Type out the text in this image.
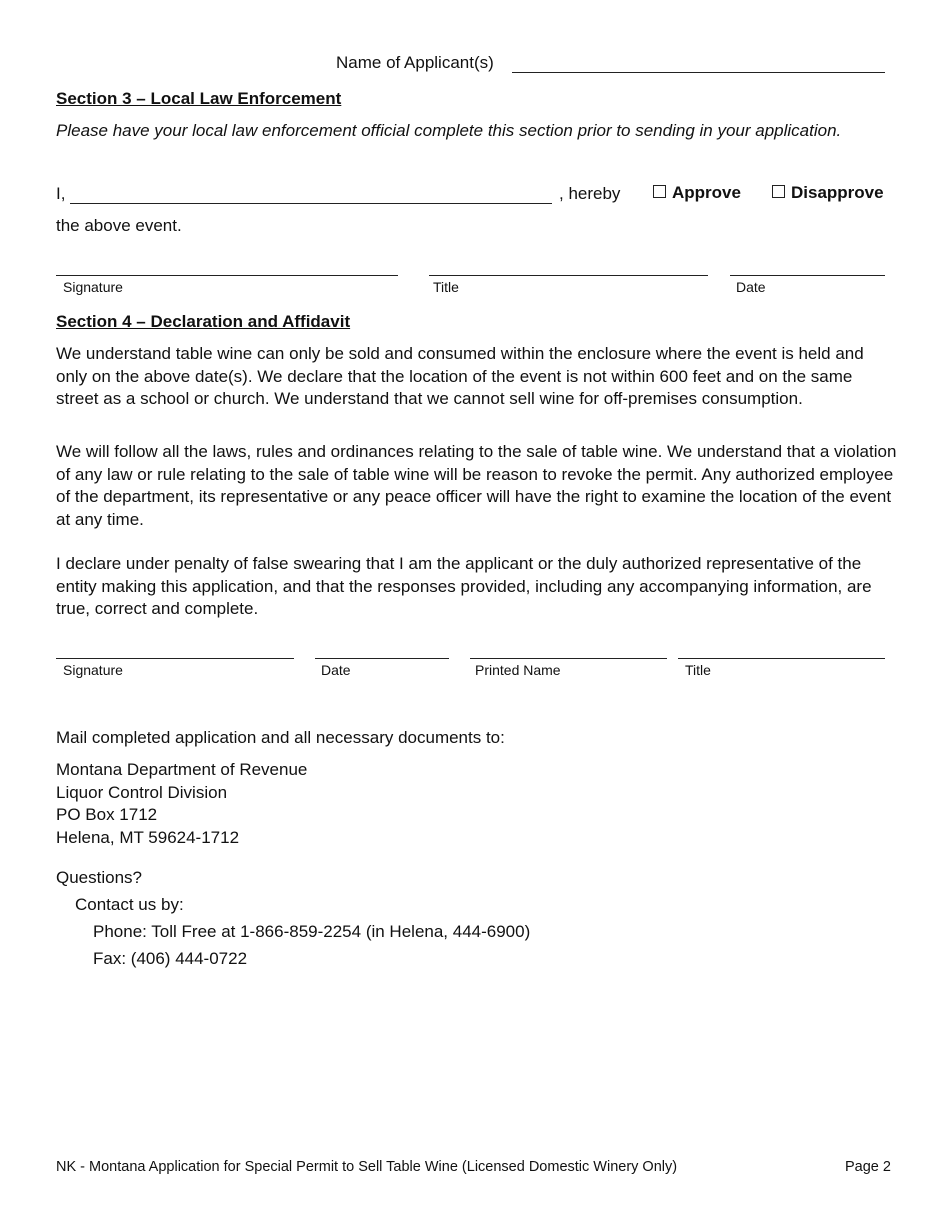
Name of Applicant(s)
Section 3 – Local Law Enforcement
Please have your local law enforcement official complete this section prior to sending in your application.
I,	, hereby	Approve	Disapprove
the above event.
Signature	Title	Date
Section 4 – Declaration and Affidavit
We understand table wine can only be sold and consumed within the enclosure where the event is held and only on the above date(s). We declare that the location of the event is not within 600 feet and on the same street as a school or church. We understand that we cannot sell wine for off-premises consumption.
We will follow all the laws, rules and ordinances relating to the sale of table wine. We understand that a violation of any law or rule relating to the sale of table wine will be reason to revoke the permit. Any authorized employee of the department, its representative or any peace officer will have the right to examine the location of the event at any time.
I declare under penalty of false swearing that I am the applicant or the duly authorized representative of the entity making this application, and that the responses provided, including any accompanying information, are true, correct and complete.
Signature	Date	Printed Name	Title
Mail completed application and all necessary documents to:
Montana Department of Revenue
Liquor Control Division
PO Box 1712
Helena, MT 59624-1712
Questions?
Contact us by:
Phone: Toll Free at 1-866-859-2254 (in Helena, 444-6900)
Fax: (406) 444-0722
NK - Montana Application for Special Permit to Sell Table Wine (Licensed Domestic Winery Only)	Page 2
